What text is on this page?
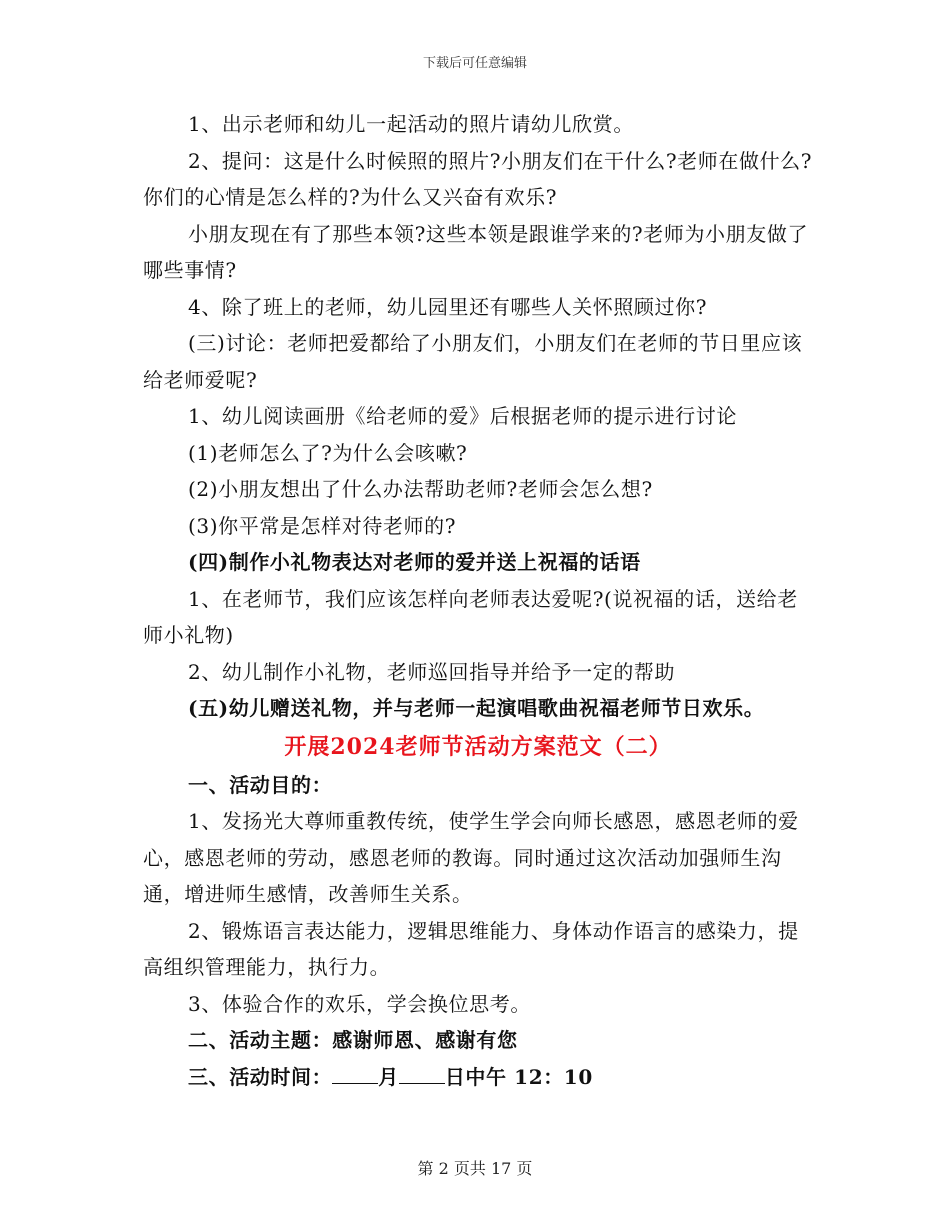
下载后可任意编辑

1、出示老师和幼儿一起活动的照片请幼儿欣赏。

2、提问：这是什么时候照的照片?小朋友们在干什么?老师在做什么?你们的心情是怎么样的?为什么又兴奋有欢乐?

小朋友现在有了那些本领?这些本领是跟谁学来的?老师为小朋友做了哪些事情?

4、除了班上的老师，幼儿园里还有哪些人关怀照顾过你?

(三)讨论：老师把爱都给了小朋友们，小朋友们在老师的节日里应该给老师爱呢?

1、幼儿阅读画册《给老师的爱》后根据老师的提示进行讨论

(1)老师怎么了?为什么会咳嗽?

(2)小朋友想出了什么办法帮助老师?老师会怎么想?

(3)你平常是怎样对待老师的?

(四)制作小礼物表达对老师的爱并送上祝福的话语

1、在老师节，我们应该怎样向老师表达爱呢?(说祝福的话，送给老师小礼物)

2、幼儿制作小礼物，老师巡回指导并给予一定的帮助

(五)幼儿赠送礼物，并与老师一起演唱歌曲祝福老师节日欢乐。

开展2024老师节活动方案范文（二）

一、活动目的：

1、发扬光大尊师重教传统，使学生学会向师长感恩，感恩老师的爱心，感恩老师的劳动，感恩老师的教诲。同时通过这次活动加强师生沟通，增进师生感情，改善师生关系。

2、锻炼语言表达能力，逻辑思维能力、身体动作语言的感染力，提高组织管理能力，执行力。

3、体验合作的欢乐，学会换位思考。

二、活动主题：感谢师恩、感谢有您

三、活动时间： 月 日中午 12：10

第 2 页共 17 页
